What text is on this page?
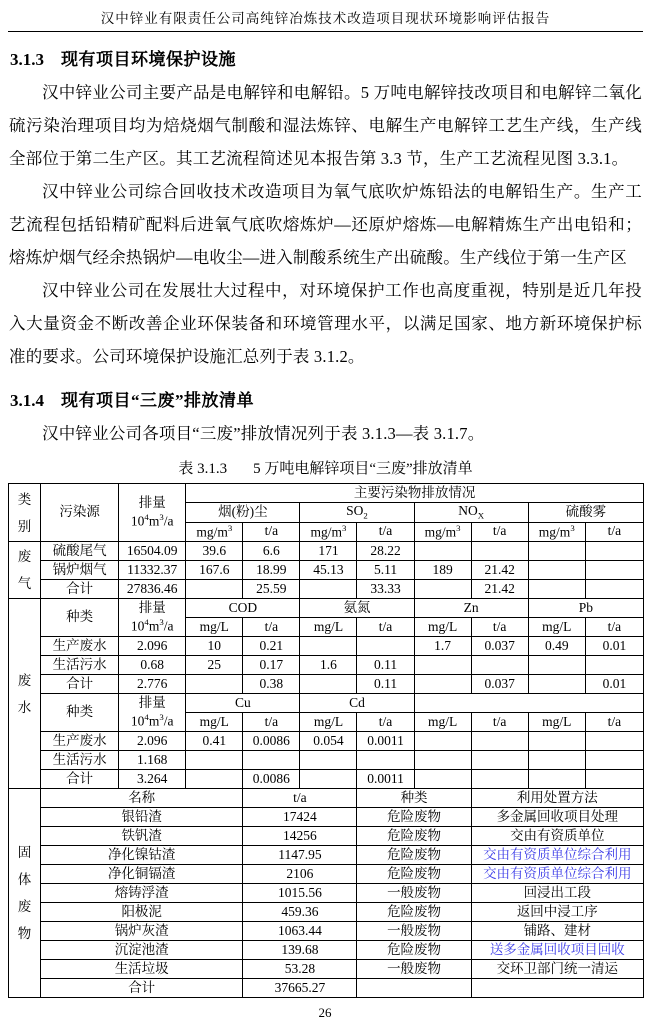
汉中锌业有限责任公司高纯锌冶炼技术改造项目现状环境影响评估报告
3.1.3 现有项目环境保护设施

汉中锌业公司主要产品是电解锌和电解铅。5 万吨电解锌技改项目和电解锌二氧化硫污染治理项目均为焙烧烟气制酸和湿法炼锌、电解生产电解锌工艺生产线，生产线全部位于第二生产区。其工艺流程简述见本报告第 3.3 节，生产工艺流程见图 3.3.1。

汉中锌业公司综合回收技术改造项目为氧气底吹炉炼铅法的电解铅生产。生产工艺流程包括铅精矿配料后进氧气底吹熔炼炉—还原炉熔炼—电解精炼生产出电铅和；熔炼炉烟气经余热锅炉—电收尘—进入制酸系统生产出硫酸。生产线位于第一生产区

汉中锌业公司在发展壮大过程中，对环境保护工作也高度重视，特别是近几年投入大量资金不断改善企业环保装备和环境管理水平，以满足国家、地方新环境保护标准的要求。公司环境保护设施汇总列于表 3.1.2。

3.1.4 现有项目“三废”排放清单

汉中锌业公司各项目“三废”排放情况列于表 3.1.3—表 3.1.7。

表 3.1.3 5 万吨电解锌项目“三废”排放清单
类
别	污染源	排量
$10^4m^3/a$	主要污染物排放情况							
			烟(粉)尘		$SO_2$		$NO_X$		硫酸雾	
			$mg/m^3$	t/a	$mg/m^3$	t/a	$mg/m^3$	t/a	$mg/m^3$	t/a
废
气	硫酸尾气	16504.09	39.6	6.6	171	28.22				
	锅炉烟气	11332.37	167.6	18.99	45.13	5.11	189	21.42		
	合计	27836.46		25.59		33.33		21.42		
废
水	种类	排量
$10^4m^3/a$	COD		氨氮		Zn		Pb	
			mg/L	t/a	mg/L	t/a	mg/L	t/a	mg/L	t/a
	生产废水	2.096	10	0.21			1.7	0.037	0.49	0.01
	生活污水	0.68	25	0.17	1.6	0.11				
	合计	2.776		0.38		0.11		0.037		0.01
	种类	排量
$10^4m^3/a$	Cu		Cd					
			mg/L	t/a	mg/L	t/a	mg/L	t/a	mg/L	t/a
	生产废水	2.096	0.41	0.0086	0.054	0.0011				
	生活污水	1.168								
	合计	3.264		0.0086		0.0011				
固
体
废
物	名称			t/a		种类		利用处置方法		
	银铅渣			17424		危险废物		多金属回收项目处理		
	铁钒渣			14256		危险废物		交由有资质单位		
	净化镍钴渣			1147.95		危险废物		交由有资质单位综合利用		
	净化铜镉渣			2106		危险废物		交由有资质单位综合利用		
	熔铸浮渣			1015.56		一般废物		回浸出工段		
	阳极泥			459.36		危险废物		返回中浸工序		
	锅炉灰渣			1063.44		一般废物		铺路、建材		
	沉淀池渣			139.68		危险废物		送多金属回收项目回收		
	生活垃圾			53.28		一般废物		交环卫部门统一清运		
	合计			37665.27						
26
